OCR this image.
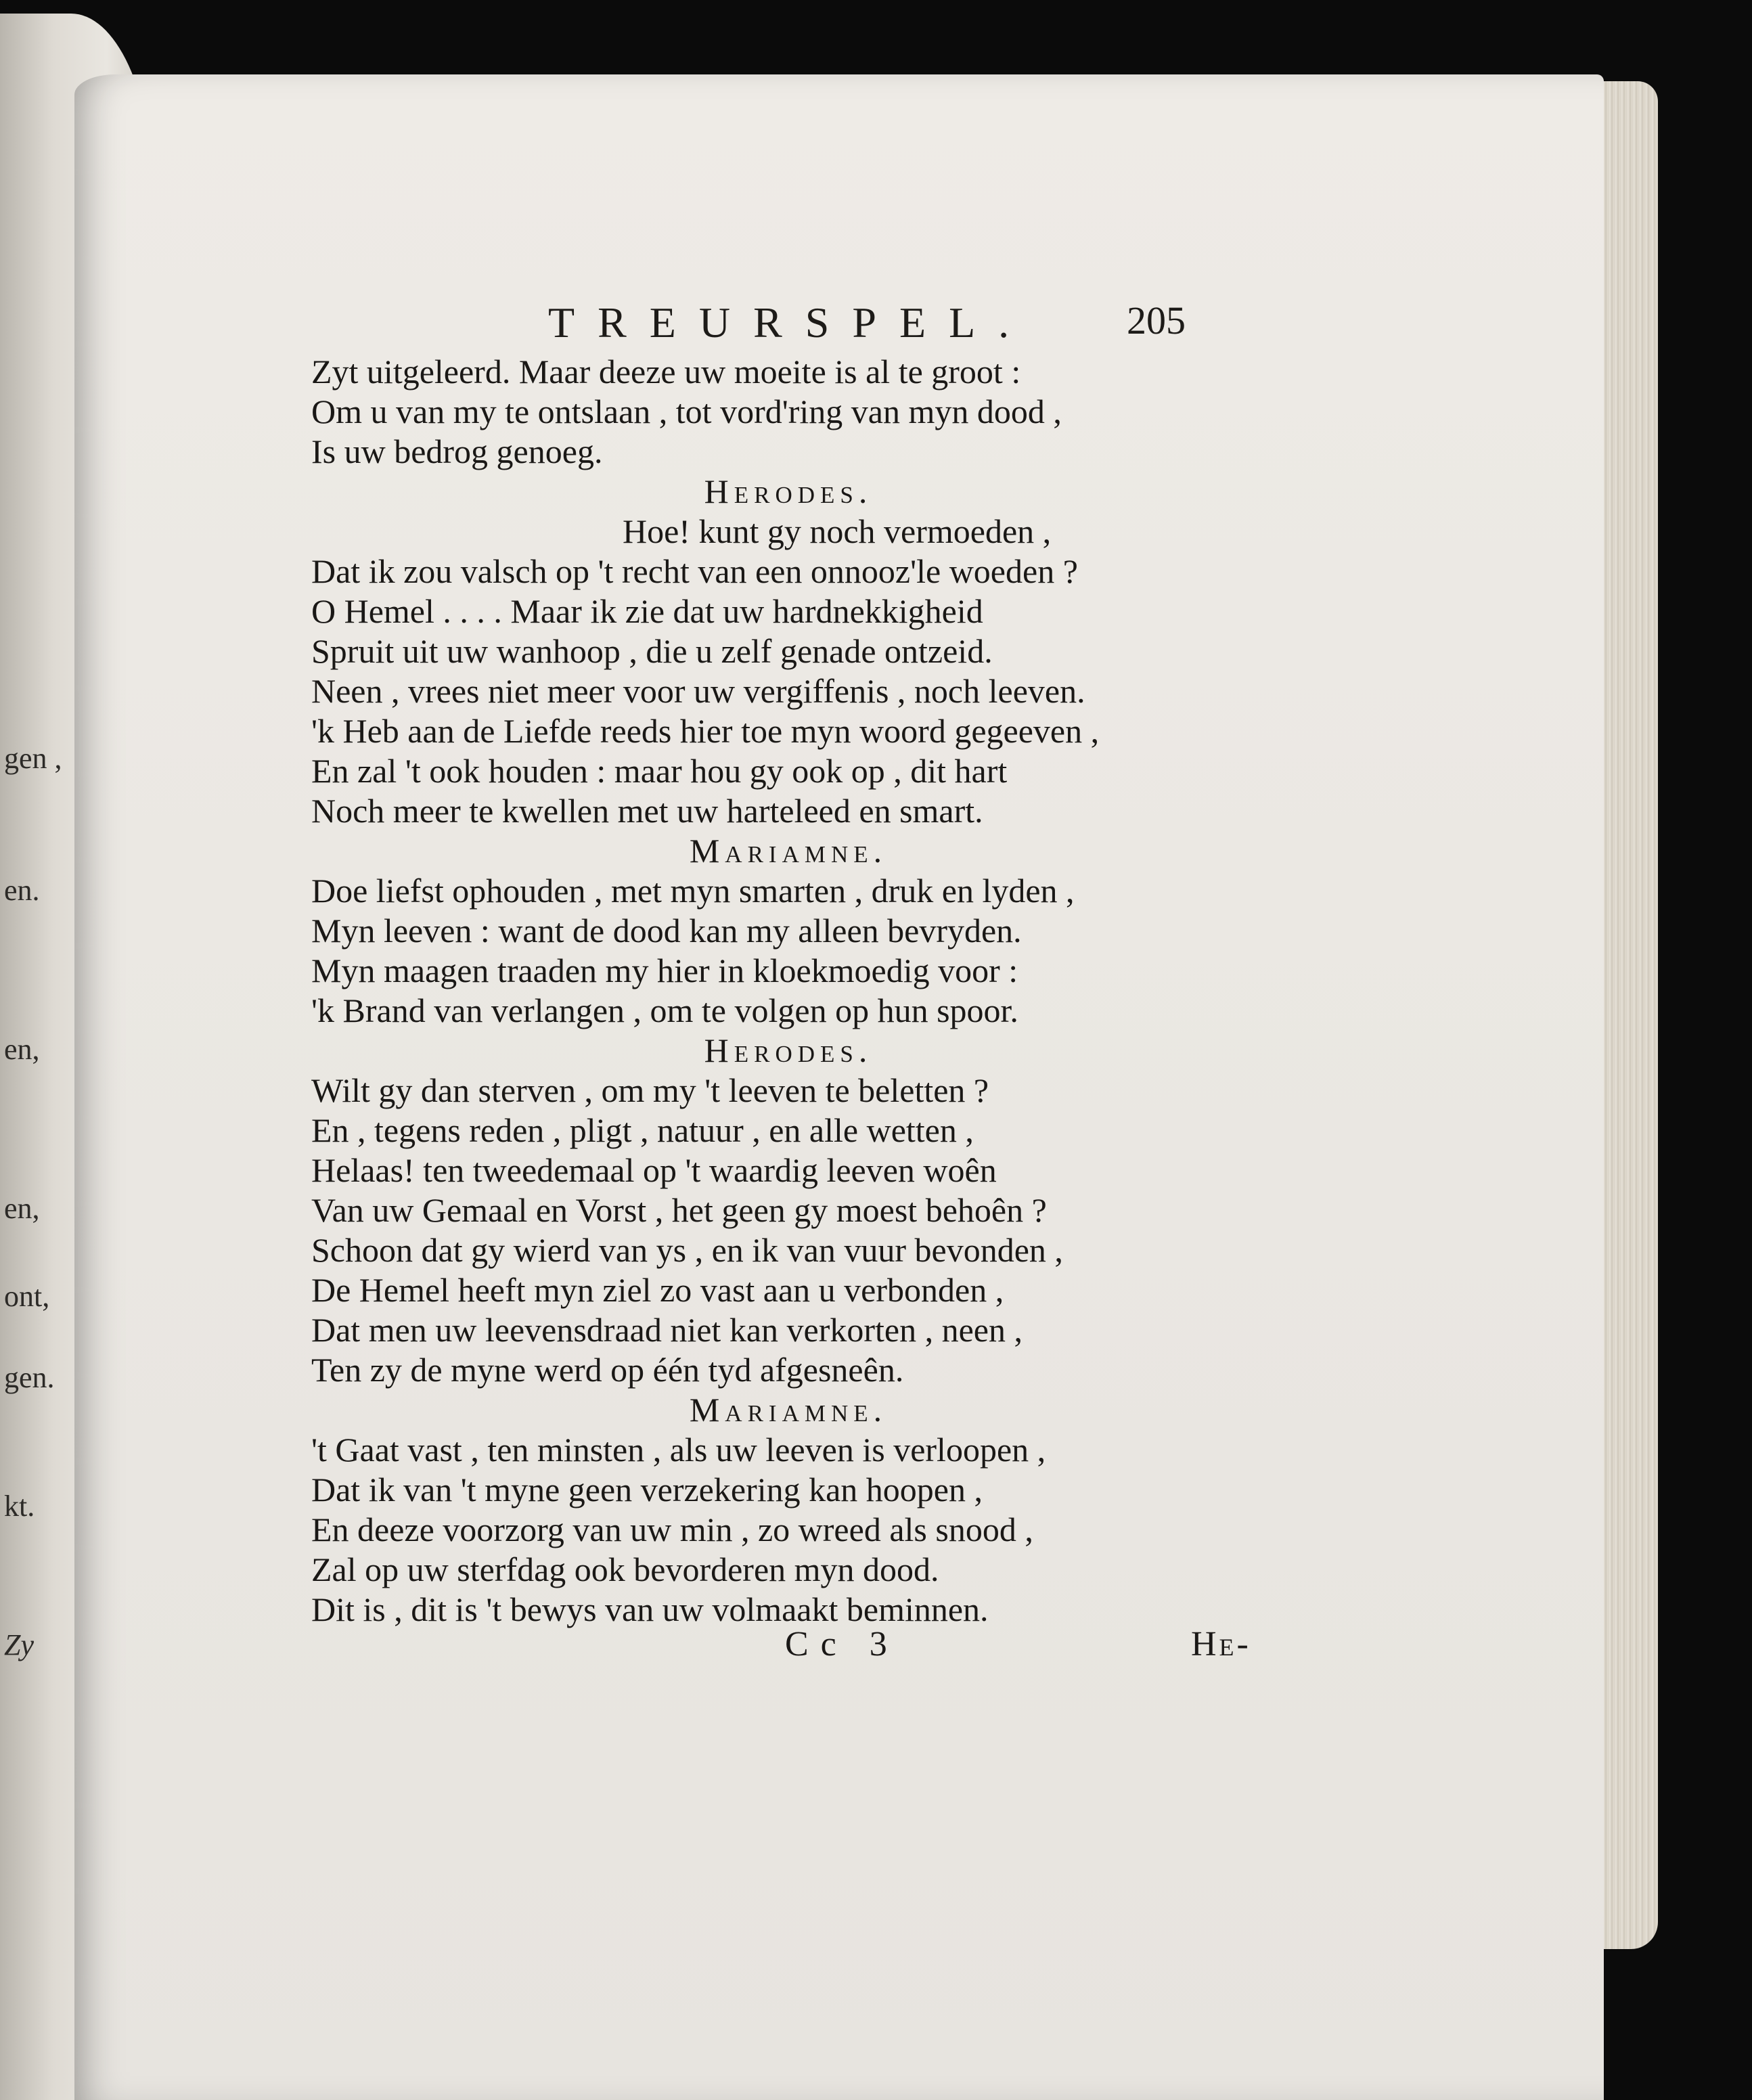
gen ,
en.
en,
en,
ont,
gen.
kt.
Zy
TREURSPEL.	205
Zyt uitgeleerd. Maar deeze uw moeite is al te groot :
Om u van my te ontslaan , tot vord'ring van myn dood ,
Is uw bedrog genoeg.
Herodes.
Hoe! kunt gy noch vermoeden ,
Dat ik zou valsch op 't recht van een onnooz'le woeden ?
O Hemel . . . . Maar ik zie dat uw hardnekkigheid
Spruit uit uw wanhoop , die u zelf genade ontzeid.
Neen , vrees niet meer voor uw vergiffenis , noch leeven.
'k Heb aan de Liefde reeds hier toe myn woord gegeeven ,
En zal 't ook houden : maar hou gy ook op , dit hart
Noch meer te kwellen met uw harteleed en smart.
Mariamne.
Doe liefst ophouden , met myn smarten , druk en lyden ,
Myn leeven : want de dood kan my alleen bevryden.
Myn maagen traaden my hier in kloekmoedig voor :
'k Brand van verlangen , om te volgen op hun spoor.
Herodes.
Wilt gy dan sterven , om my 't leeven te beletten ?
En , tegens reden , pligt , natuur , en alle wetten ,
Helaas! ten tweedemaal op 't waardig leeven woên
Van uw Gemaal en Vorst , het geen gy moest behoên ?
Schoon dat gy wierd van ys , en ik van vuur bevonden ,
De Hemel heeft myn ziel zo vast aan u verbonden ,
Dat men uw leevensdraad niet kan verkorten , neen ,
Ten zy de myne werd op één tyd afgesneên.
Mariamne.
't Gaat vast , ten minsten , als uw leeven is verloopen ,
Dat ik van 't myne geen verzekering kan hoopen ,
En deeze voorzorg van uw min , zo wreed als snood ,
Zal op uw sterfdag ook bevorderen myn dood.
Dit is , dit is 't bewys van uw volmaakt beminnen.
Cc 3	He-
